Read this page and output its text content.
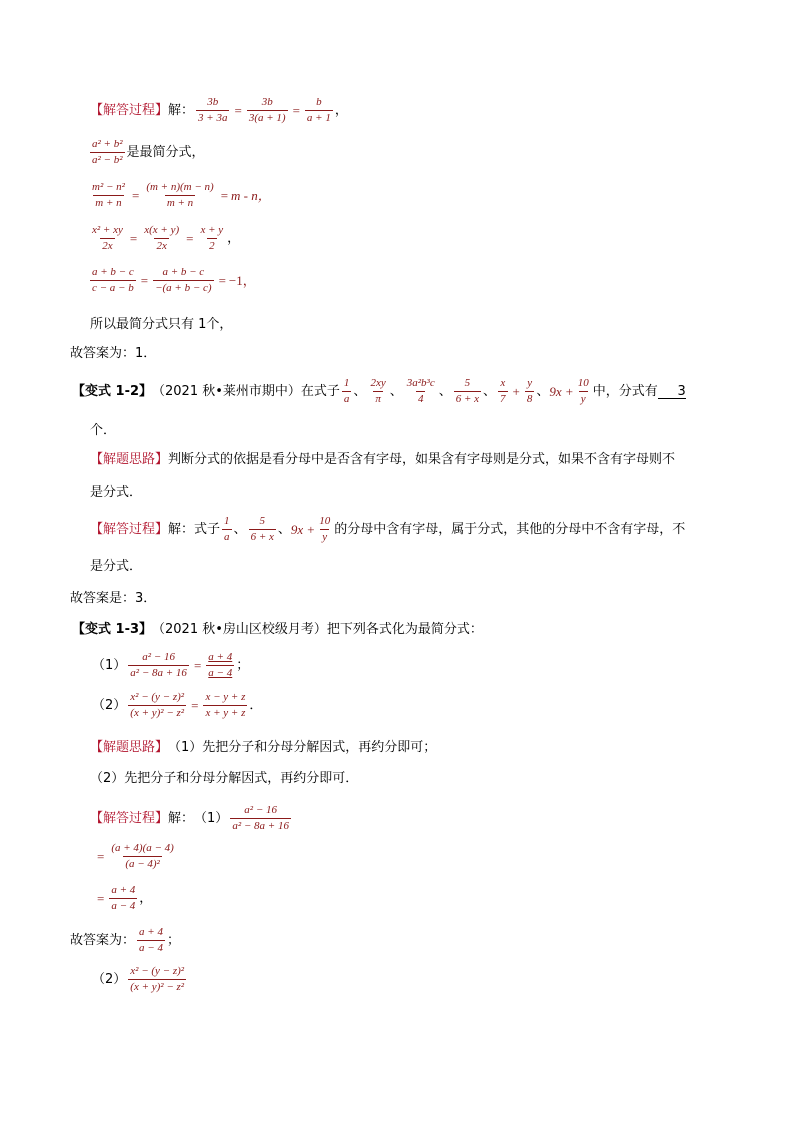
【解答过程】 解： $\frac{3b}{3 + 3a} = \frac{3b}{3(a + 1)} = \frac{b}{a + 1}$ ，
$\frac{\text{a² + b²}}{\text{a² − b²}}$ 是最简分式，
$\frac{\text{m² − n²}}{m + n} = \frac{(m + n)(m - n)}{m + n} = m - n$，
$\frac{\text{x² + xy}}{2x} = \frac{x(x + y)}{2x} = \frac{x + y}{2}$ ，
$\frac{a + b - c}{c - a - b} = \frac{a + b - c}{-(a + b - c)} = -1$，
所以最简分式只有 1个，
故答案为： 1．
【变式 1-2】 （2021 秋•莱州市期中） 在式子 $\frac{1}{a}$ 、 $\frac{2xy}{\pi}$ 、 $\frac{\text{3a²b³c}}{4}$ 、 $\frac{5}{6 + x}$ 、 $\frac{x}{7} + \frac{y}{8}$ 、 $9x + \frac{10}{y}$ 中，分式有	3
个．
【解题思路】 判断分式的依据是看分母中是否含有字母，如果含有字母则是分式，如果不含有字母则不
是分式．
【解答过程】 解： 式子 $\frac{1}{a}$ 、 $\frac{5}{6 + x}$ 、 $9x + \frac{10}{y}$ 的分母中含有字母，属于分式，其他的分母中不含有字母，不
是分式．
故答案是： 3．
【变式 1-3】 （2021 秋•房山区校级月考） 把下列各式化为最简分式：
$(1) \frac{\text{a² − 16}}{\text{a² − 8a + 16}} = \frac{a + 4}{a - 4}$ ；
$(2) \frac{\text{x² − (y − z)²}}{\text{(x + y)² − z²}} = \frac{x - y + z}{x + y + z}$ ．
【解题思路】 （1）先把分子和分母分解因式，再约分即可；
（2）先把分子和分母分解因式，再约分即可．
【解答过程】 解： $(1) \frac{\text{a² − 16}}{\text{a² − 8a + 16}}$
= $\frac{(a + 4)(a - 4)}{\text{(a − 4)²}}$
= $\frac{a + 4}{a - 4}$ ，
故答案为： $\frac{a + 4}{a - 4}$ ；
$(2) \frac{\text{x² − (y − z)²}}{\text{(x + y)² − z²}}$
